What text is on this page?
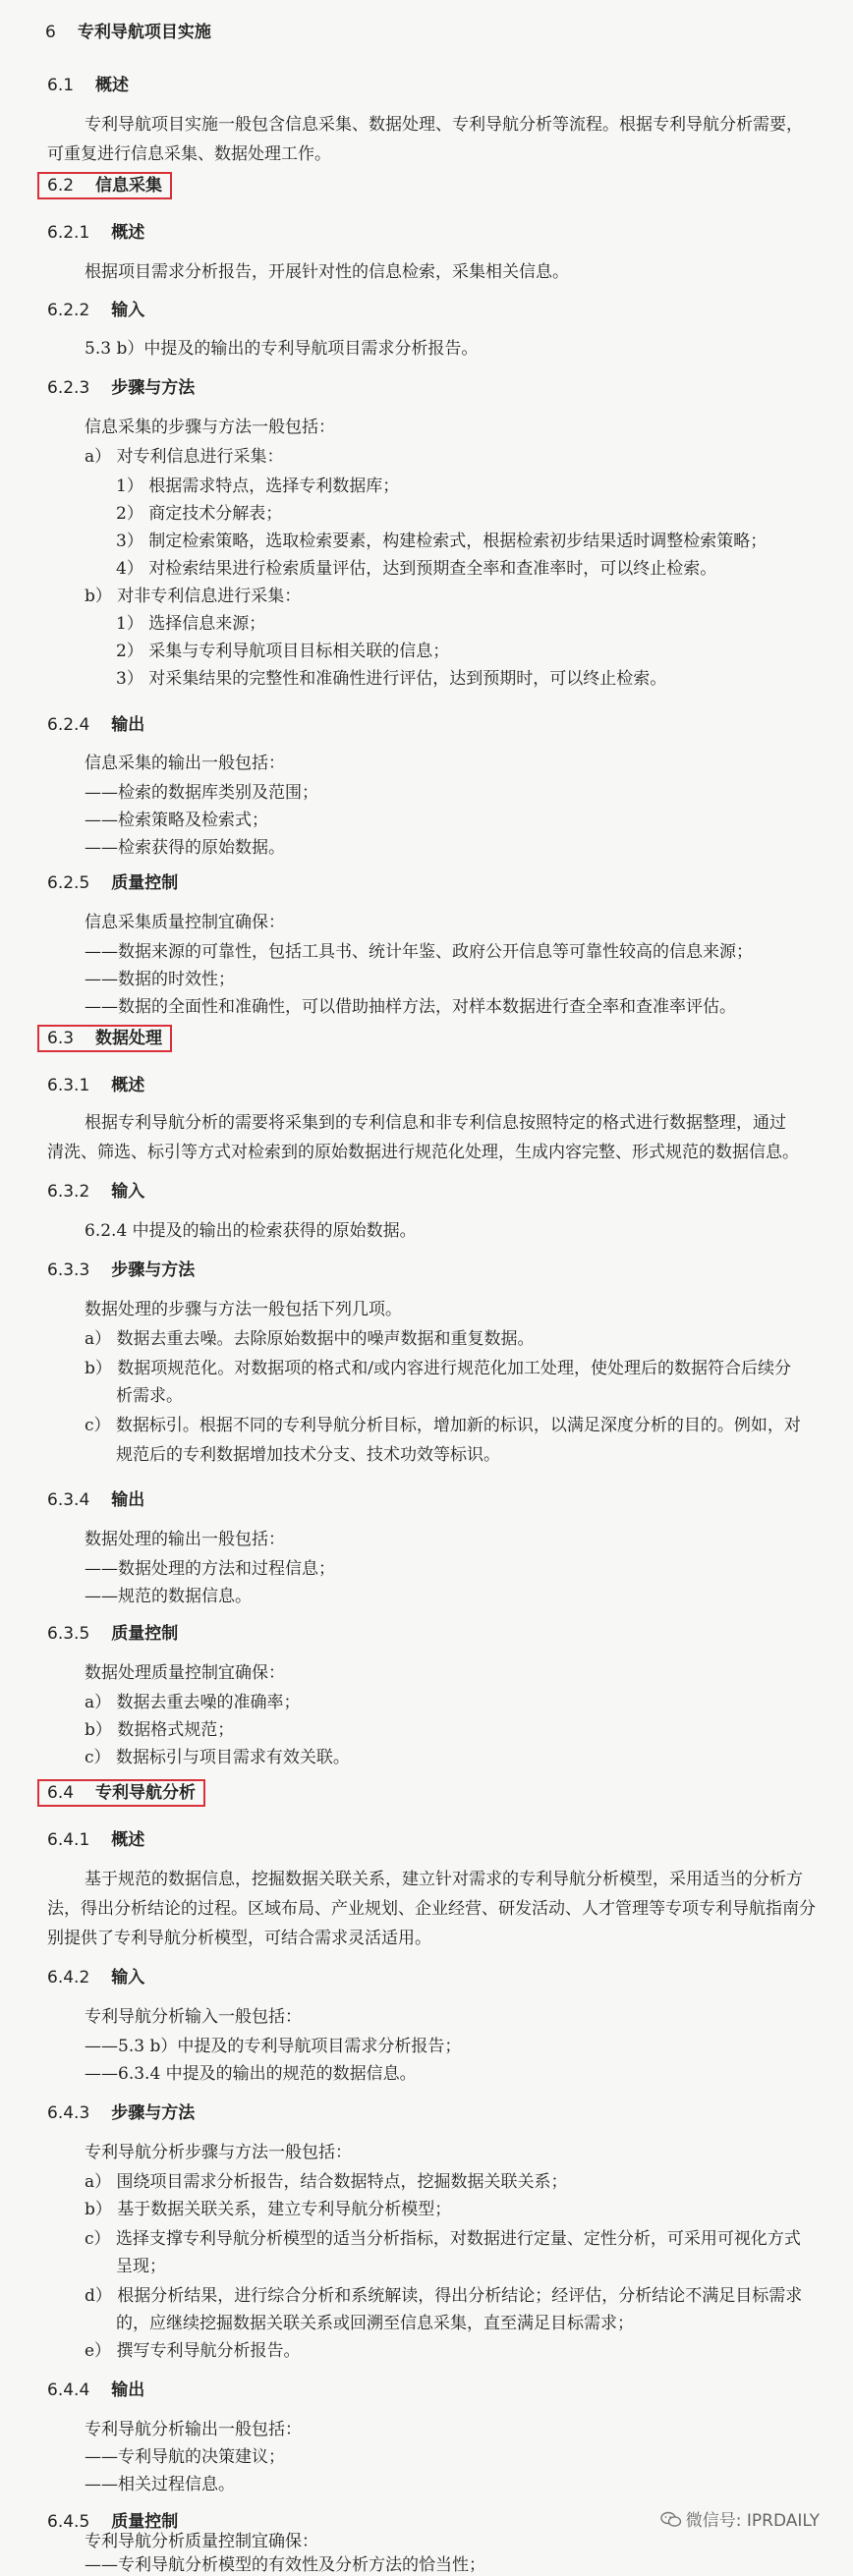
6 专利导航项目实施
6.1 概述
专利导航项目实施一般包含信息采集、数据处理、专利导航分析等流程。根据专利导航分析需要，
可重复进行信息采集、数据处理工作。
6.2 信息采集
6.2.1 概述
根据项目需求分析报告，开展针对性的信息检索，采集相关信息。
6.2.2 输入
5.3 b）中提及的输出的专利导航项目需求分析报告。
6.2.3 步骤与方法
信息采集的步骤与方法一般包括：
a） 对专利信息进行采集：
1） 根据需求特点，选择专利数据库；
2） 商定技术分解表；
3） 制定检索策略，选取检索要素，构建检索式，根据检索初步结果适时调整检索策略；
4） 对检索结果进行检索质量评估，达到预期查全率和查准率时，可以终止检索。
b） 对非专利信息进行采集：
1） 选择信息来源；
2） 采集与专利导航项目目标相关联的信息；
3） 对采集结果的完整性和准确性进行评估，达到预期时，可以终止检索。
6.2.4 输出
信息采集的输出一般包括：
——检索的数据库类别及范围；
——检索策略及检索式；
——检索获得的原始数据。
6.2.5 质量控制
信息采集质量控制宜确保：
——数据来源的可靠性，包括工具书、统计年鉴、政府公开信息等可靠性较高的信息来源；
——数据的时效性；
——数据的全面性和准确性，可以借助抽样方法，对样本数据进行查全率和查准率评估。
6.3 数据处理
6.3.1 概述
根据专利导航分析的需要将采集到的专利信息和非专利信息按照特定的格式进行数据整理，通过
清洗、筛选、标引等方式对检索到的原始数据进行规范化处理，生成内容完整、形式规范的数据信息。
6.3.2 输入
6.2.4 中提及的输出的检索获得的原始数据。
6.3.3 步骤与方法
数据处理的步骤与方法一般包括下列几项。
a） 数据去重去噪。去除原始数据中的噪声数据和重复数据。
b） 数据项规范化。对数据项的格式和/或内容进行规范化加工处理，使处理后的数据符合后续分
析需求。
c） 数据标引。根据不同的专利导航分析目标，增加新的标识，以满足深度分析的目的。例如，对
规范后的专利数据增加技术分支、技术功效等标识。
6.3.4 输出
数据处理的输出一般包括：
——数据处理的方法和过程信息；
——规范的数据信息。
6.3.5 质量控制
数据处理质量控制宜确保：
a） 数据去重去噪的准确率；
b） 数据格式规范；
c） 数据标引与项目需求有效关联。
6.4 专利导航分析
6.4.1 概述
基于规范的数据信息，挖掘数据关联关系，建立针对需求的专利导航分析模型，采用适当的分析方
法，得出分析结论的过程。区域布局、产业规划、企业经营、研发活动、人才管理等专项专利导航指南分
别提供了专利导航分析模型，可结合需求灵活适用。
6.4.2 输入
专利导航分析输入一般包括：
——5.3 b）中提及的专利导航项目需求分析报告；
——6.3.4 中提及的输出的规范的数据信息。
6.4.3 步骤与方法
专利导航分析步骤与方法一般包括：
a） 围绕项目需求分析报告，结合数据特点，挖掘数据关联关系；
b） 基于数据关联关系，建立专利导航分析模型；
c） 选择支撑专利导航分析模型的适当分析指标，对数据进行定量、定性分析，可采用可视化方式
呈现；
d） 根据分析结果，进行综合分析和系统解读，得出分析结论；经评估，分析结论不满足目标需求
的，应继续挖掘数据关联关系或回溯至信息采集，直至满足目标需求；
e） 撰写专利导航分析报告。
6.4.4 输出
专利导航分析输出一般包括：
——专利导航的决策建议；
——相关过程信息。
6.4.5 质量控制
专利导航分析质量控制宜确保：
——专利导航分析模型的有效性及分析方法的恰当性；
微信号: IPRDAILY
